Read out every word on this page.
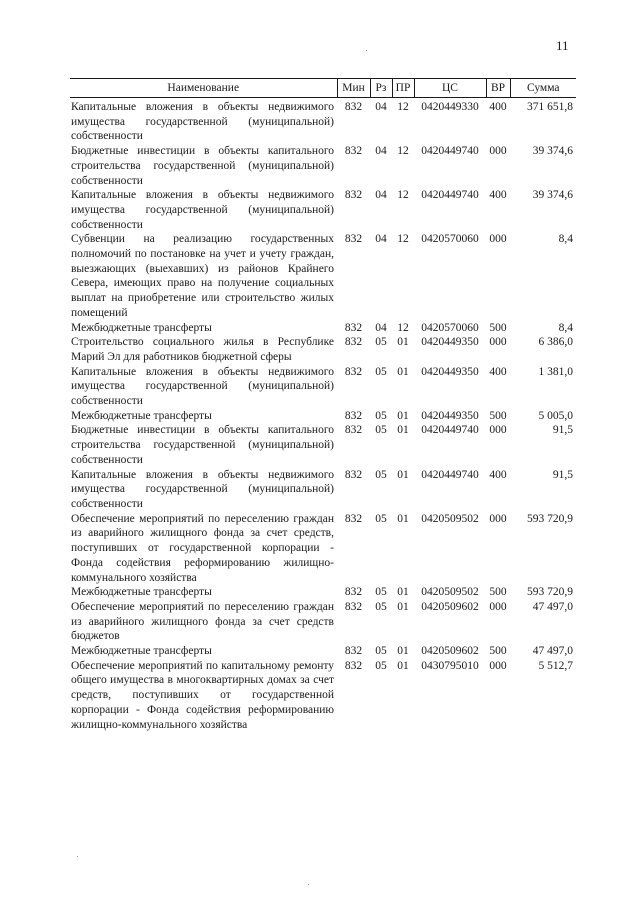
11
Наименование	Мин	Рз	ПР	ЦС	ВР	Сумма
Капитальные вложения в объекты недвижимого имущества государственной (муниципальной) собственности	832	04	12	0420449330	400	371 651,8
Бюджетные инвестиции в объекты капитального строительства государственной (муниципальной) собственности	832	04	12	0420449740	000	39 374,6
Капитальные вложения в объекты недвижимого имущества государственной (муниципальной) собственности	832	04	12	0420449740	400	39 374,6
Субвенции на реализацию государственных полномочий по постановке на учет и учету граждан, выезжающих (выехавших) из районов Крайнего Севера, имеющих право на получение социальных выплат на приобретение или строительство жилых помещений	832	04	12	0420570060	000	8,4
Межбюджетные трансферты	832	04	12	0420570060	500	8,4
Строительство социального жилья в Республике Марий Эл для работников бюджетной сферы	832	05	01	0420449350	000	6 386,0
Капитальные вложения в объекты недвижимого имущества государственной (муниципальной) собственности	832	05	01	0420449350	400	1 381,0
Межбюджетные трансферты	832	05	01	0420449350	500	5 005,0
Бюджетные инвестиции в объекты капитального строительства государственной (муниципальной) собственности	832	05	01	0420449740	000	91,5
Капитальные вложения в объекты недвижимого имущества государственной (муниципальной) собственности	832	05	01	0420449740	400	91,5
Обеспечение мероприятий по переселению граждан из аварийного жилищного фонда за счет средств, поступивших от государственной корпорации - Фонда содействия реформированию жилищно-коммунального хозяйства	832	05	01	0420509502	000	593 720,9
Межбюджетные трансферты	832	05	01	0420509502	500	593 720,9
Обеспечение мероприятий по переселению граждан из аварийного жилищного фонда за счет средств бюджетов	832	05	01	0420509602	000	47 497,0
Межбюджетные трансферты	832	05	01	0420509602	500	47 497,0
Обеспечение мероприятий по капитальному ремонту общего имущества в многоквартирных домах за счет средств, поступивших от государственной корпорации - Фонда содействия реформированию жилищно-коммунального хозяйства	832	05	01	0430795010	000	5 512,7
